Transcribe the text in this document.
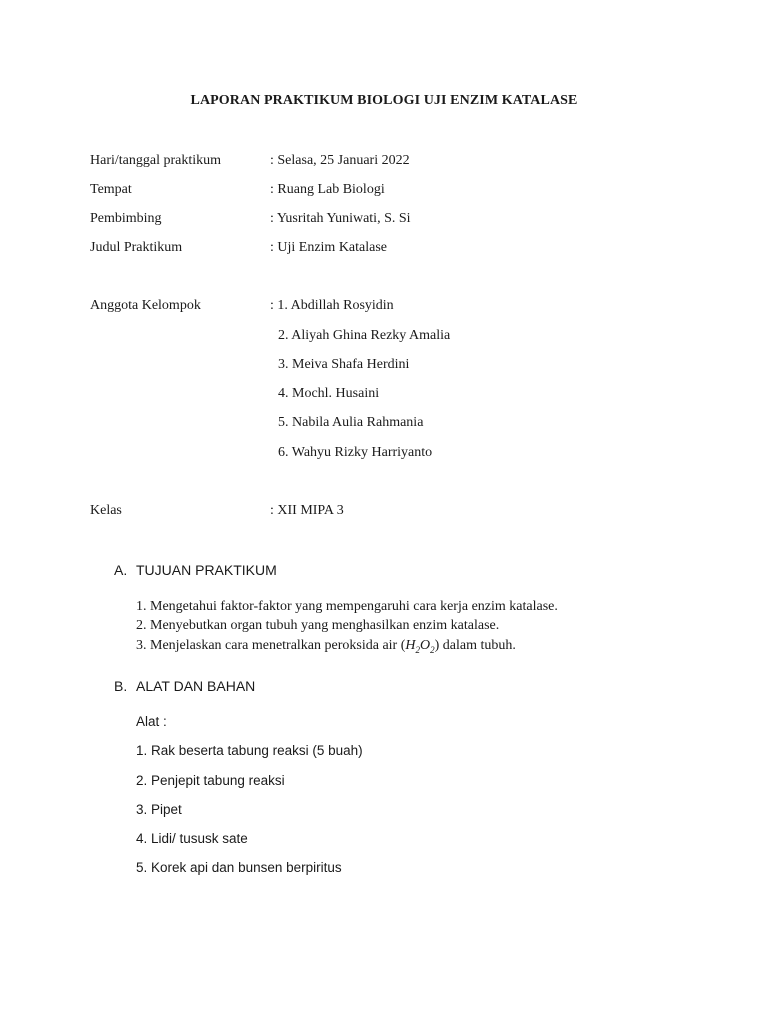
LAPORAN PRAKTIKUM BIOLOGI UJI ENZIM KATALASE
Hari/tanggal praktikum	: Selasa, 25 Januari 2022
Tempat	: Ruang Lab Biologi
Pembimbing	: Yusritah Yuniwati, S. Si
Judul Praktikum	: Uji Enzim Katalase
Anggota Kelompok	: 1. Abdillah Rosyidin
2. Aliyah Ghina Rezky Amalia
3. Meiva Shafa Herdini
4. Mochl. Husaini
5. Nabila Aulia Rahmania
6. Wahyu Rizky Harriyanto
Kelas	: XII MIPA 3
A. TUJUAN PRAKTIKUM
1. Mengetahui faktor-faktor yang mempengaruhi cara kerja enzim katalase.
2. Menyebutkan organ tubuh yang menghasilkan enzim katalase.
3. Menjelaskan cara menetralkan peroksida air $(H_2O_2)$ dalam tubuh.
B. ALAT DAN BAHAN
Alat :
1. Rak beserta tabung reaksi (5 buah)
2. Penjepit tabung reaksi
3. Pipet
4. Lidi/ tususk sate
5. Korek api dan bunsen berpiritus
